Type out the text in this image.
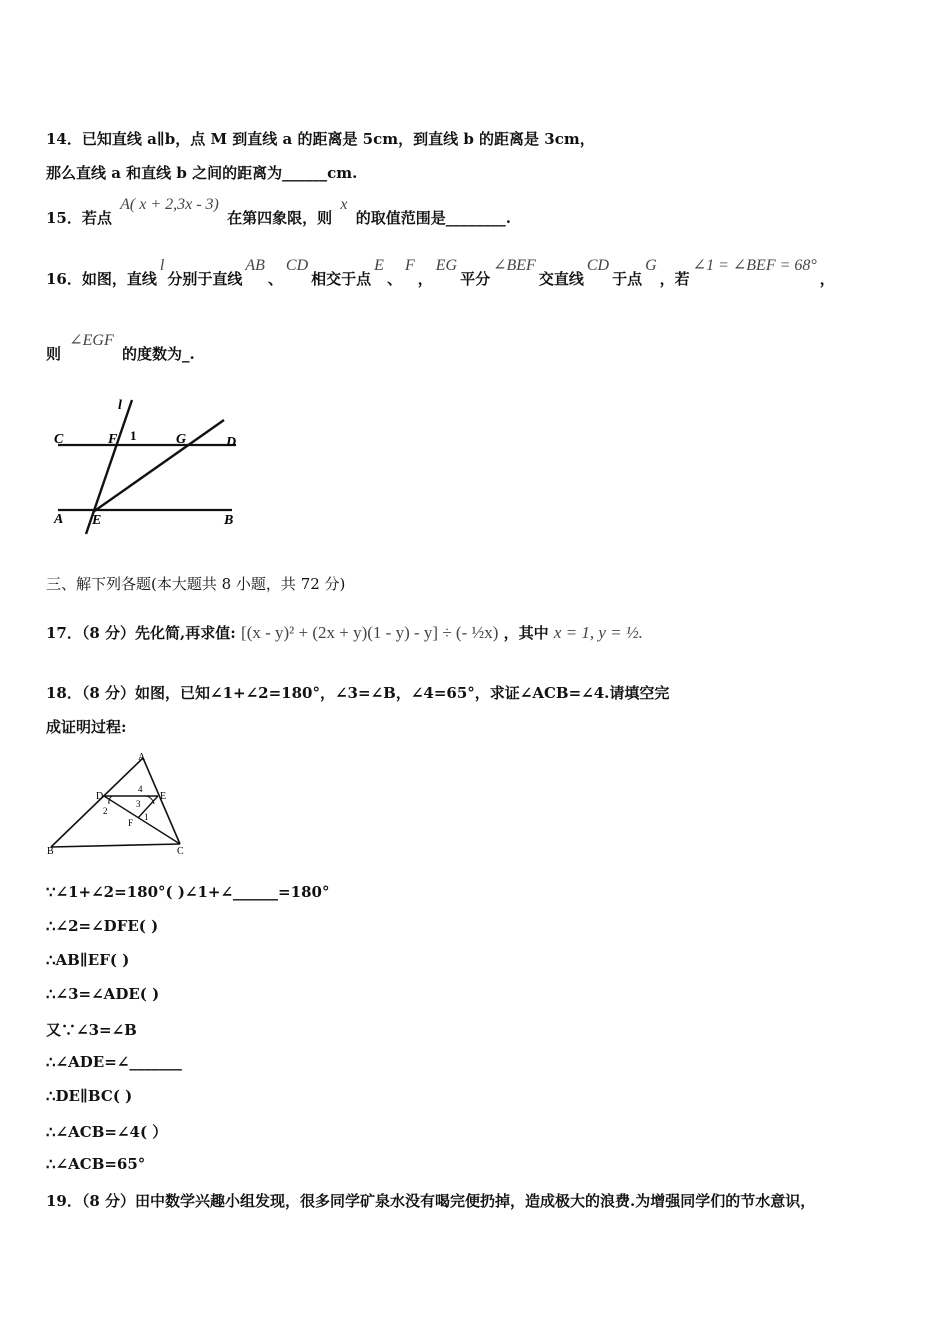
14．已知直线 a∥b，点 M 到直线 a 的距离是 5cm，到直线 b 的距离是 3cm，
那么直线 a 和直线 b 之间的距离为______cm.
15．若点 A( x + 2,3x - 3) 在第四象限，则 x 的取值范围是________.
16．如图，直线l分别于直线AB、CD相交于点E、F，EG平分∠BEF交直线CD于点G，若∠1 = ∠BEF = 68°，
则 ∠EGF 的度数为_.
l
C	F 1	G	D
A E	B
三、解下列各题(本大题共 8 小题，共 72 分)
17．（8 分）先化简,再求值: [(x - y)² + (2x + y)(1 - y) - y] ÷ (- ½x) ，其中 x = 1, y = ½.
18．（8 分）如图，已知∠1+∠2=180°，∠3=∠B，∠4=65°，求证∠ACB=∠4.请填空完
成证明过程:
A
D	E
4
3
2
F
1
B	C
∵∠1+∠2=180°( )∠1+∠______=180°
∴∠2=∠DFE( )
∴AB∥EF( )
∴∠3=∠ADE( )
又∵∠3=∠B
∴∠ADE=∠_______
∴DE∥BC( )
∴∠ACB=∠4( ）
∴∠ACB=65°
19．（8 分）田中数学兴趣小组发现，很多同学矿泉水没有喝完便扔掉，造成极大的浪费.为增强同学们的节水意识，
